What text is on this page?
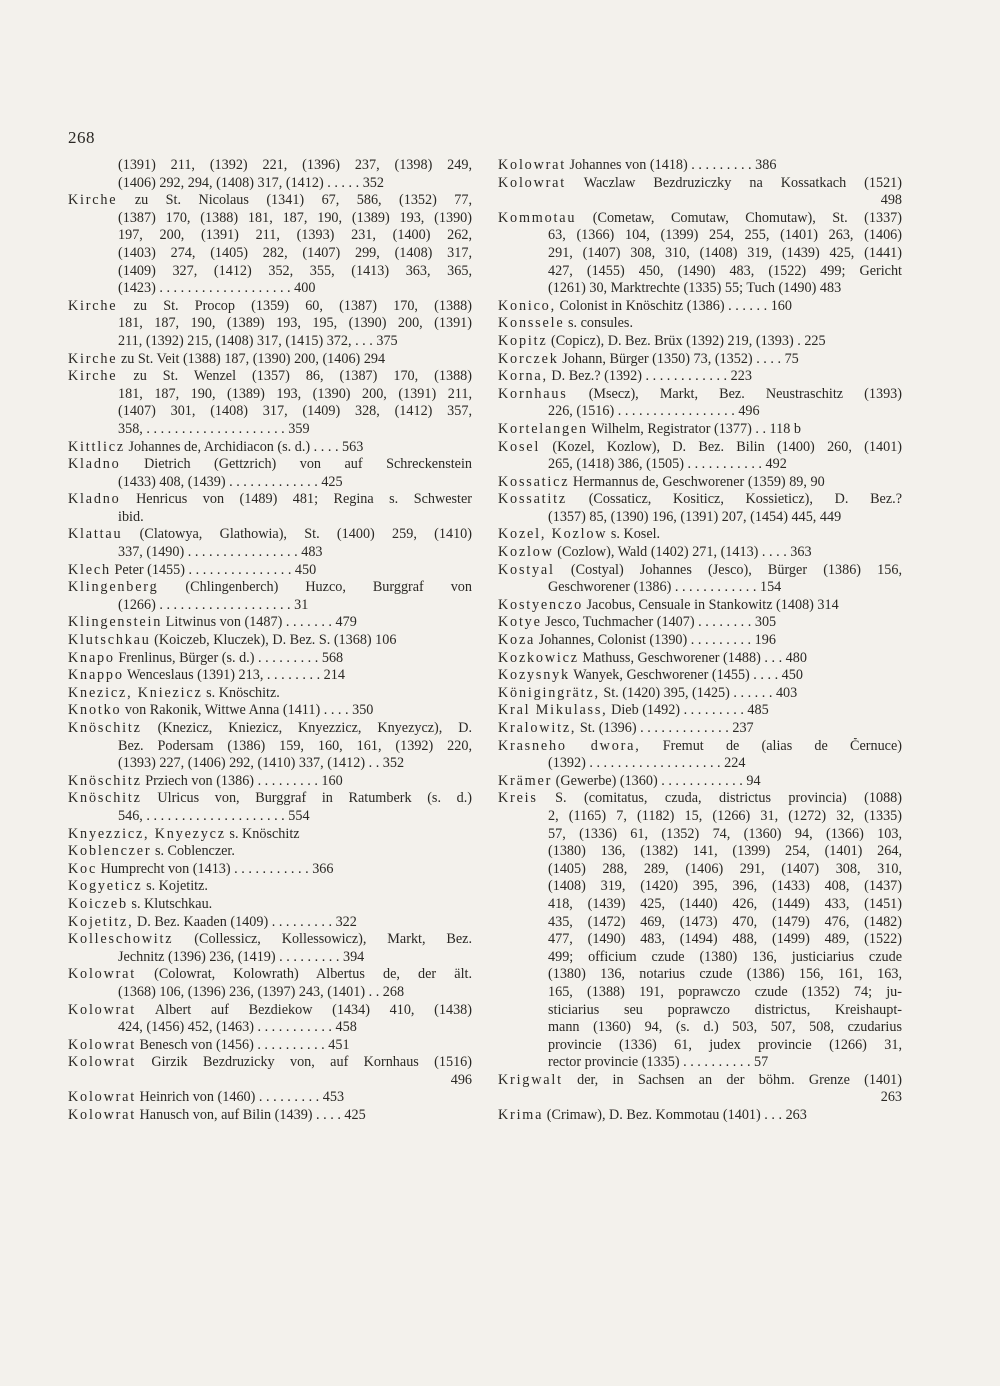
268
(1391) 211, (1392) 221, (1396) 237, (1398) 249,
(1406) 292, 294, (1408) 317, (1412) . . . . . 352
Kirche zu St. Nicolaus (1341) 67, 586, (1352) 77,
(1387) 170, (1388) 181, 187, 190, (1389) 193, (1390)
197, 200, (1391) 211, (1393) 231, (1400) 262,
(1403) 274, (1405) 282, (1407) 299, (1408) 317,
(1409) 327, (1412) 352, 355, (1413) 363, 365,
(1423) . . . . . . . . . . . . . . . . . . . 400
Kirche zu St. Procop (1359) 60, (1387) 170, (1388)
181, 187, 190, (1389) 193, 195, (1390) 200, (1391)
211, (1392) 215, (1408) 317, (1415) 372, . . . 375
Kirche zu St. Veit (1388) 187, (1390) 200, (1406) 294
Kirche zu St. Wenzel (1357) 86, (1387) 170, (1388)
181, 187, 190, (1389) 193, (1390) 200, (1391) 211,
(1407) 301, (1408) 317, (1409) 328, (1412) 357,
358, . . . . . . . . . . . . . . . . . . . . 359
Kittlicz Johannes de, Archidiacon (s. d.) . . . . 563
Kladno Dietrich (Gettzrich) von auf Schreckenstein
(1433) 408, (1439) . . . . . . . . . . . . . 425
Kladno Henricus von (1489) 481; Regina s. Schwester
ibid.
Klattau (Clatowya, Glathowia), St. (1400) 259, (1410)
337, (1490) . . . . . . . . . . . . . . . . 483
Klech Peter (1455) . . . . . . . . . . . . . . . 450
Klingenberg (Chlingenberch) Huzco, Burggraf von
(1266) . . . . . . . . . . . . . . . . . . . 31
Klingenstein Litwinus von (1487) . . . . . . . 479
Klutschkau (Koiczeb, Kluczek), D. Bez. S. (1368) 106
Knapo Frenlinus, Bürger (s. d.) . . . . . . . . . 568
Knappo Wenceslaus (1391) 213, . . . . . . . . 214
Knezicz, Kniezicz s. Knöschitz.
Knotko von Rakonik, Wittwe Anna (1411) . . . . 350
Knöschitz (Knezicz, Kniezicz, Knyezzicz, Knyezycz), D.
Bez. Podersam (1386) 159, 160, 161, (1392) 220,
(1393) 227, (1406) 292, (1410) 337, (1412) . . 352
Knöschitz Przіech von (1386) . . . . . . . . . 160
Knöschitz Ulricus von, Burggraf in Ratumberk (s. d.)
546, . . . . . . . . . . . . . . . . . . . . 554
Knyezzicz, Knyezycz s. Knöschitz
Koblenczer s. Coblenczer.
Koc Humprecht von (1413) . . . . . . . . . . . 366
Kogyeticz s. Kojetitz.
Koiczeb s. Klutschkau.
Kojetitz, D. Bez. Kaaden (1409) . . . . . . . . . 322
Kolleschowitz (Collessicz, Kollessowicz), Markt, Bez.
Jechnitz (1396) 236, (1419) . . . . . . . . . 394
Kolowrat (Colowrat, Kolowrath) Albertus de, der ält.
(1368) 106, (1396) 236, (1397) 243, (1401) . . 268
Kolowrat Albert auf Bezdiekow (1434) 410, (1438)
424, (1456) 452, (1463) . . . . . . . . . . . 458
Kolowrat Benesch von (1456) . . . . . . . . . . 451
Kolowrat Girzik Bezdruzicky von, auf Kornhaus (1516)
496
Kolowrat Heinrich von (1460) . . . . . . . . . 453
Kolowrat Hanusch von, auf Bilin (1439) . . . . 425
Kolowrat Johannes von (1418) . . . . . . . . . 386
Kolowrat Waczlaw Bezdruziczky na Kossatkach (1521)
498
Kommotau (Cometaw, Comutaw, Chomutaw), St. (1337)
63, (1366) 104, (1399) 254, 255, (1401) 263, (1406)
291, (1407) 308, 310, (1408) 319, (1439) 425, (1441)
427, (1455) 450, (1490) 483, (1522) 499; Gericht
(1261) 30, Marktrechte (1335) 55; Tuch (1490) 483
Konico, Colonist in Knöschitz (1386) . . . . . . 160
Konssele s. consules.
Kopitz (Copicz), D. Bez. Brüx (1392) 219, (1393) . 225
Korczek Johann, Bürger (1350) 73, (1352) . . . . 75
Korna, D. Bez.? (1392) . . . . . . . . . . . . 223
Kornhaus (Msecz), Markt, Bez. Neustraschitz (1393)
226, (1516) . . . . . . . . . . . . . . . . . 496
Kortelangen Wilhelm, Registrator (1377) . . 118 b
Kosel (Kozel, Kozlow), D. Bez. Bilin (1400) 260, (1401)
265, (1418) 386, (1505) . . . . . . . . . . . 492
Kossaticz Hermannus de, Geschworener (1359) 89, 90
Kossatitz (Cossaticz, Kositicz, Kossieticz), D. Bez.?
(1357) 85, (1390) 196, (1391) 207, (1454) 445, 449
Kozel, Kozlow s. Kosel.
Kozlow (Cozlow), Wald (1402) 271, (1413) . . . . 363
Kostyal (Costyal) Johannes (Jesco), Bürger (1386) 156,
Geschworener (1386) . . . . . . . . . . . . 154
Kostyenczo Jacobus, Censuale in Stankowitz (1408) 314
Kotye Jesco, Tuchmacher (1407) . . . . . . . . 305
Koza Johannes, Colonist (1390) . . . . . . . . . 196
Kozkowicz Mathuss, Geschworener (1488) . . . 480
Kozysnyk Wanyek, Geschworener (1455) . . . . 450
Königingrätz, St. (1420) 395, (1425) . . . . . . 403
Kral Mikulass, Dieb (1492) . . . . . . . . . 485
Kralowitz, St. (1396) . . . . . . . . . . . . . 237
Krasneho dwora, Fremut de (alias de Černuce)
(1392) . . . . . . . . . . . . . . . . . . . 224
Krämer (Gewerbe) (1360) . . . . . . . . . . . . 94
Kreis S. (comitatus, czuda, districtus provincia) (1088)
2, (1165) 7, (1182) 15, (1266) 31, (1272) 32, (1335)
57, (1336) 61, (1352) 74, (1360) 94, (1366) 103,
(1380) 136, (1382) 141, (1399) 254, (1401) 264,
(1405) 288, 289, (1406) 291, (1407) 308, 310,
(1408) 319, (1420) 395, 396, (1433) 408, (1437)
418, (1439) 425, (1440) 426, (1449) 433, (1451)
435, (1472) 469, (1473) 470, (1479) 476, (1482)
477, (1490) 483, (1494) 488, (1499) 489, (1522)
499; officium czude (1380) 136, justiciarius czude
(1380) 136, notarius czude (1386) 156, 161, 163,
165, (1388) 191, poprawczo czude (1352) 74; ju-
sticiarius seu poprawczo districtus, Kreishaupt-
mann (1360) 94, (s. d.) 503, 507, 508, czudarius
provincie (1336) 61, judex provincie (1266) 31,
rector provincie (1335) . . . . . . . . . . 57
Krigwalt der, in Sachsen an der böhm. Grenze (1401)
263
Krima (Crimaw), D. Bez. Kommotau (1401) . . . 263
